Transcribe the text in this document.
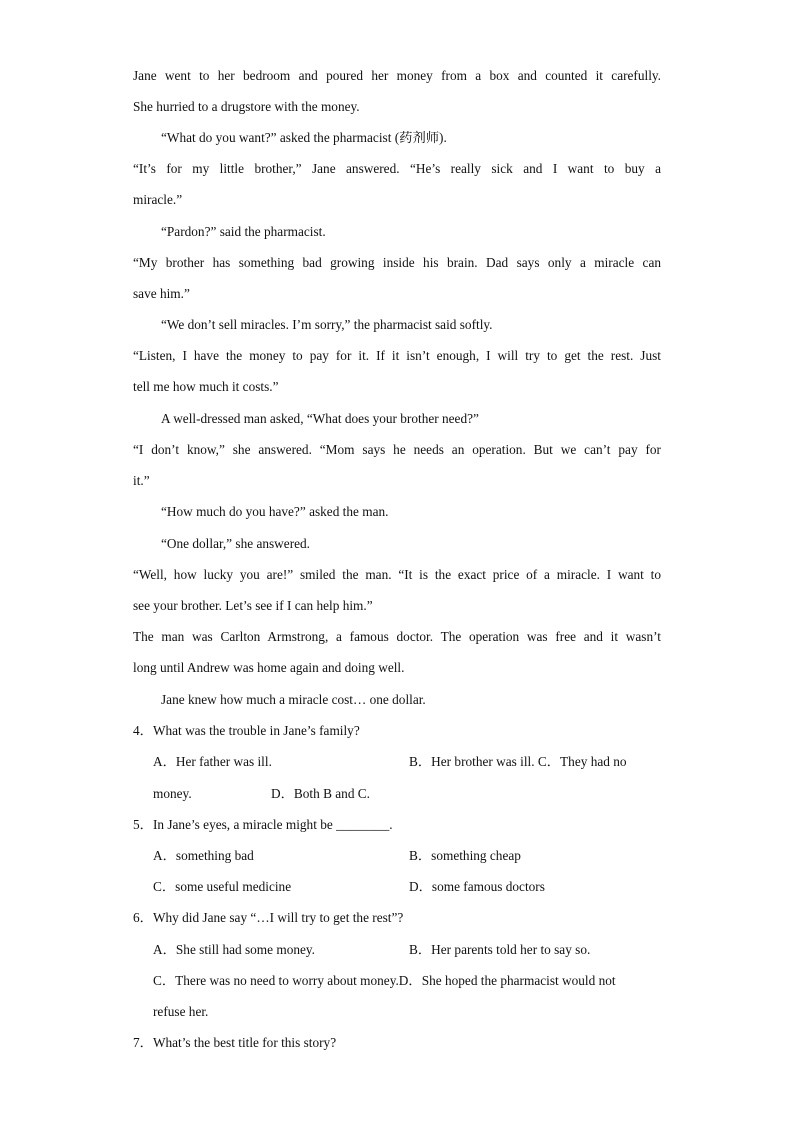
Jane went to her bedroom and poured her money from a box and counted it carefully.
She hurried to a drugstore with the money.
“What do you want?” asked the pharmacist (药剂师).
“It’s for my little brother,” Jane answered. “He’s really sick and I want to buy a
miracle.”
“Pardon?” said the pharmacist.
“My brother has something bad growing inside his brain. Dad says only a miracle can
save him.”
“We don’t sell miracles. I’m sorry,” the pharmacist said softly.
“Listen, I have the money to pay for it. If it isn’t enough, I will try to get the rest. Just
tell me how much it costs.”
A well-dressed man asked, “What does your brother need?”
“I don’t know,” she answered. “Mom says he needs an operation. But we can’t pay for
it.”
“How much do you have?” asked the man.
“One dollar,” she answered.
“Well, how lucky you are!” smiled the man. “It is the exact price of a miracle. I want to
see your brother. Let’s see if I can help him.”
The man was Carlton Armstrong, a famous doctor. The operation was free and it wasn’t
long until Andrew was home again and doing well.
Jane knew how much a miracle cost… one dollar.
4．What was the trouble in Jane’s family?
A．Her father was ill.	B．Her brother was ill. C．They had no
money.	D．Both B and C.
5．In Jane’s eyes, a miracle might be ________.
A．something bad	B．something cheap
C．some useful medicine	D．some famous doctors
6．Why did Jane say “…I will try to get the rest”?
A．She still had some money.	B．Her parents told her to say so.
C．There was no need to worry about money.D．She hoped the pharmacist would not
refuse her.
7．What’s the best title for this story?
